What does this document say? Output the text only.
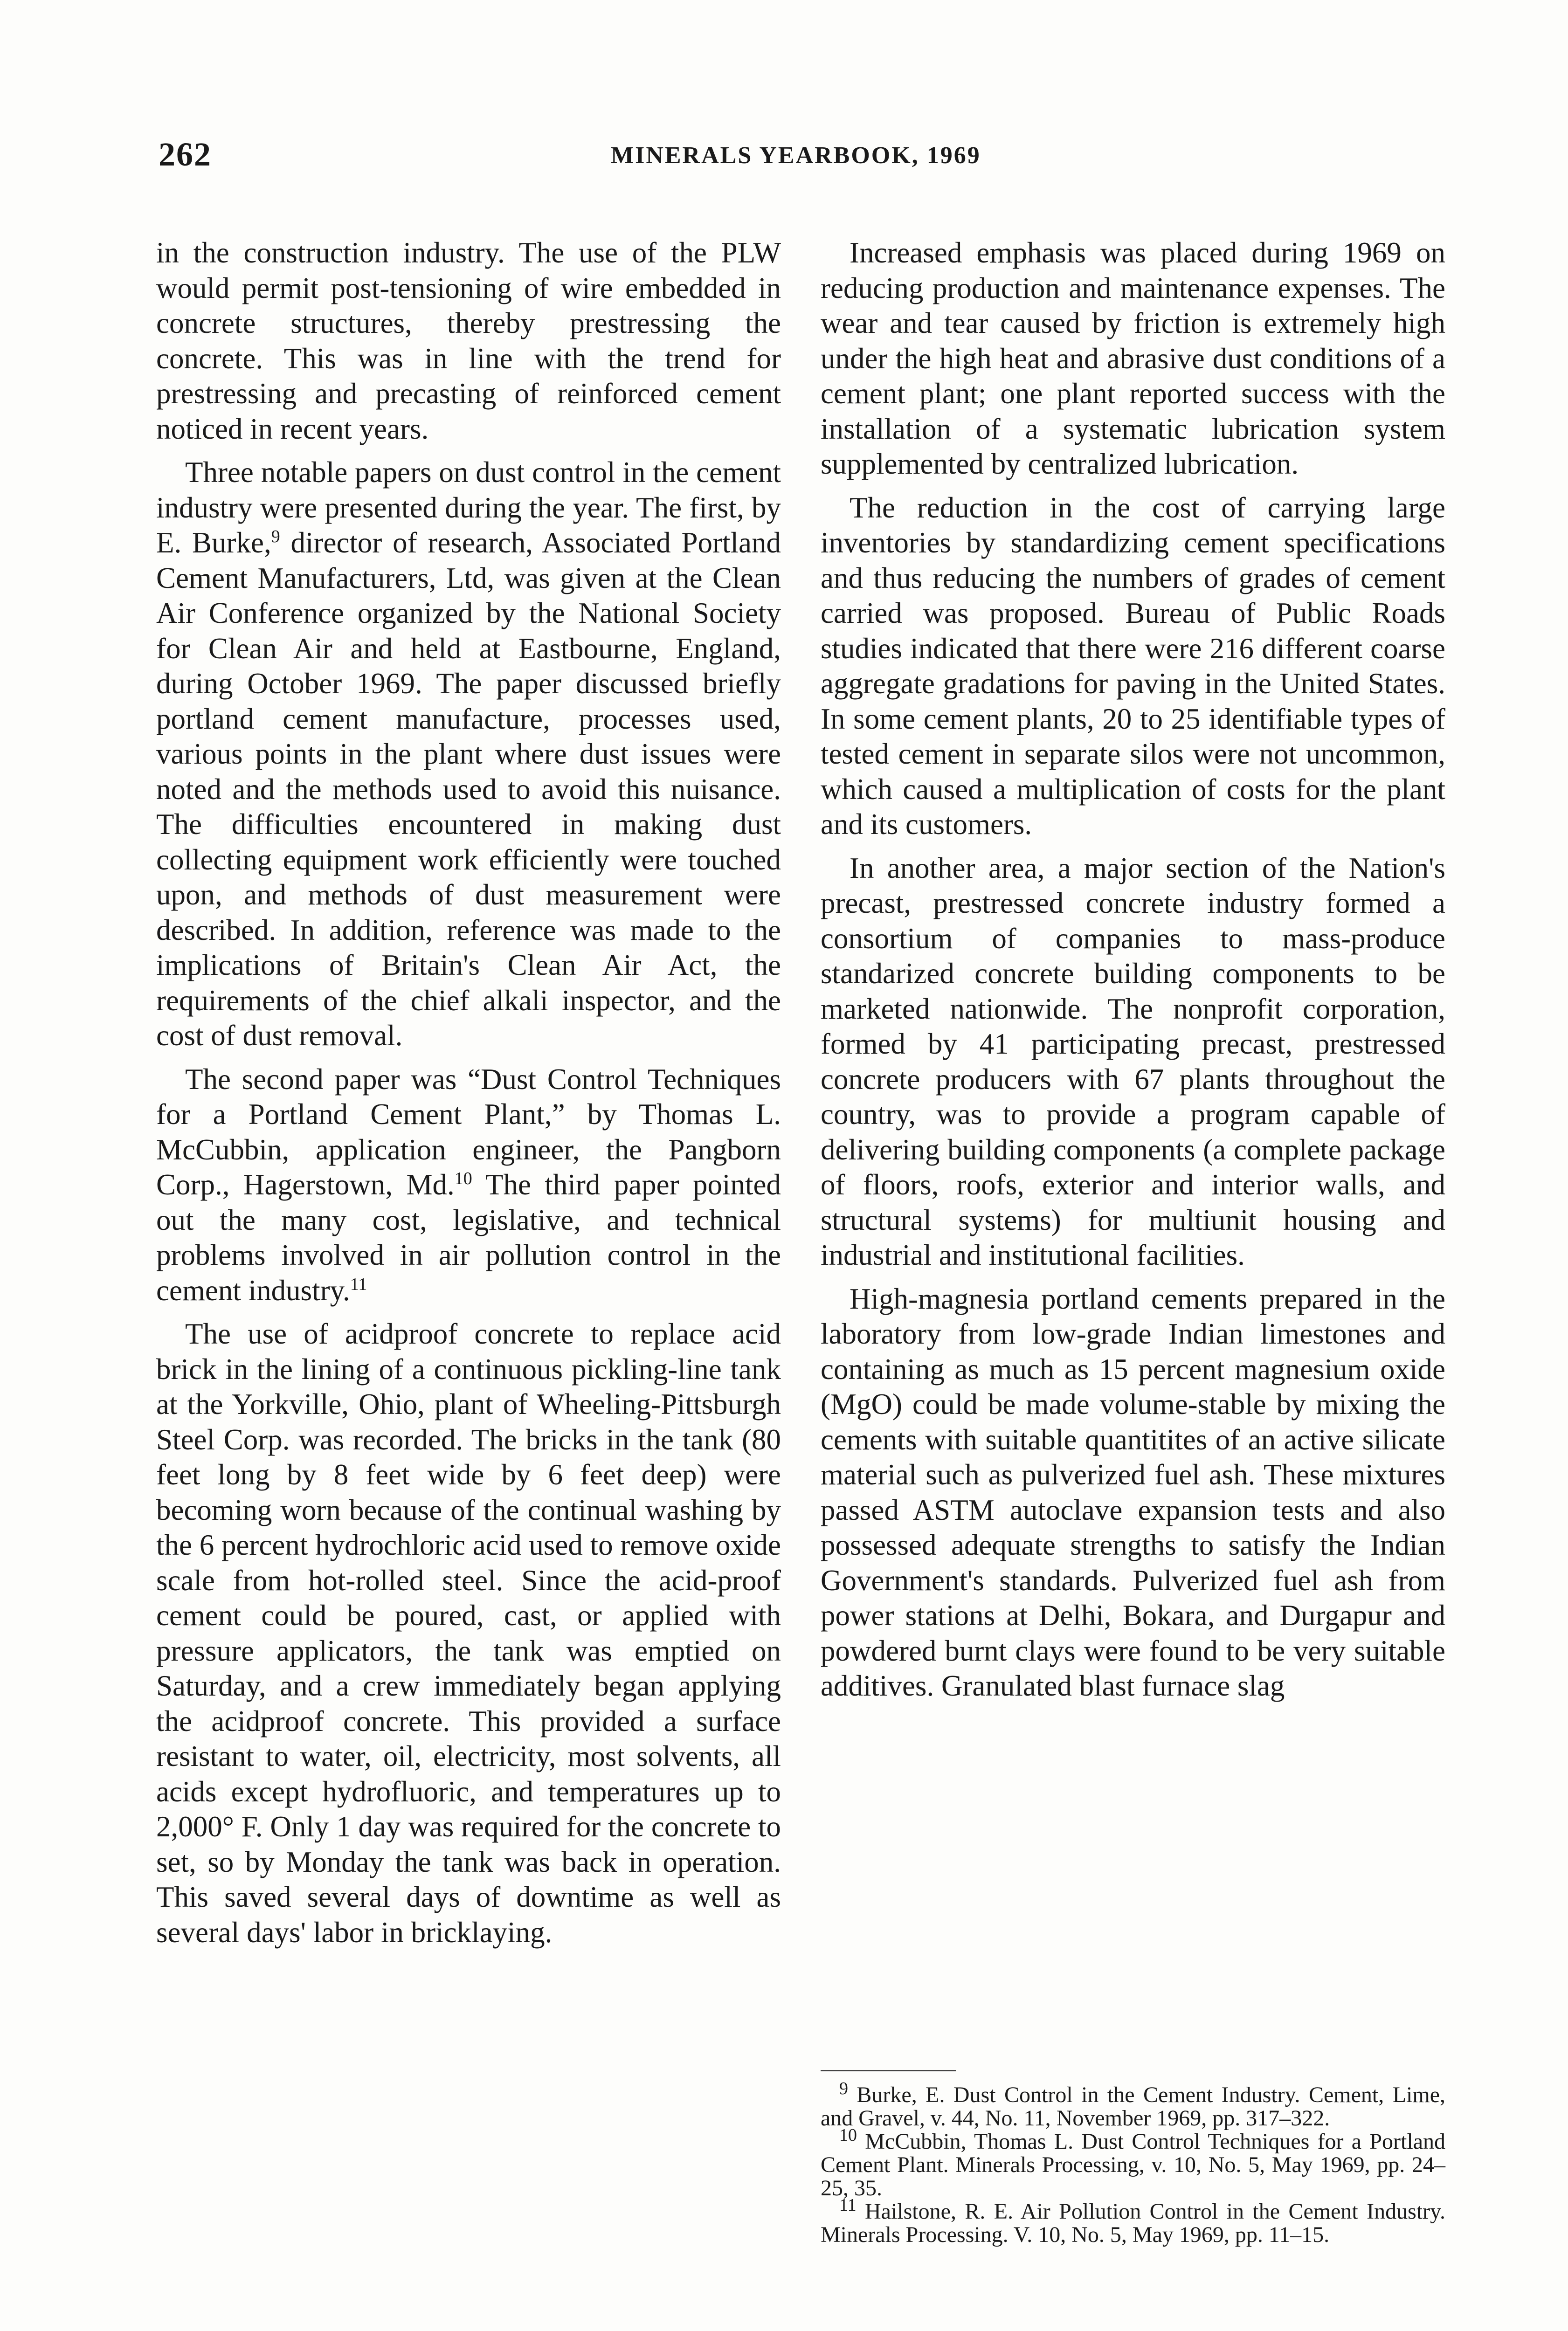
262	MINERALS YEARBOOK, 1969

in the construction industry. The use of the PLW would permit post-tensioning of wire embedded in concrete structures, thereby prestressing the concrete. This was in line with the trend for prestressing and precasting of reinforced cement noticed in recent years.

Three notable papers on dust control in the cement industry were presented during the year. The first, by E. Burke,$^9$ director of research, Associated Portland Cement Manufacturers, Ltd, was given at the Clean Air Conference organized by the National Society for Clean Air and held at Eastbourne, England, during October 1969. The paper discussed briefly portland cement manufacture, processes used, various points in the plant where dust issues were noted and the methods used to avoid this nuisance. The difficulties encountered in making dust collecting equipment work efficiently were touched upon, and methods of dust measurement were described. In addition, reference was made to the implications of Britain's Clean Air Act, the requirements of the chief alkali inspector, and the cost of dust removal.

The second paper was “Dust Control Techniques for a Portland Cement Plant,” by Thomas L. McCubbin, application engineer, the Pangborn Corp., Hagerstown, Md.$^{10}$ The third paper pointed out the many cost, legislative, and technical problems involved in air pollution control in the cement industry.$^{11}$

The use of acidproof concrete to replace acid brick in the lining of a continuous pickling-line tank at the Yorkville, Ohio, plant of Wheeling-Pittsburgh Steel Corp. was recorded. The bricks in the tank (80 feet long by 8 feet wide by 6 feet deep) were becoming worn because of the continual washing by the 6 percent hydrochloric acid used to remove oxide scale from hot-rolled steel. Since the acid-proof cement could be poured, cast, or applied with pressure applicators, the tank was emptied on Saturday, and a crew immediately began applying the acidproof concrete. This provided a surface resistant to water, oil, electricity, most solvents, all acids except hydrofluoric, and temperatures up to 2,000° F. Only 1 day was required for the concrete to set, so by Monday the tank was back in operation. This saved several days of downtime as well as several days' labor in bricklaying.

Increased emphasis was placed during 1969 on reducing production and maintenance expenses. The wear and tear caused by friction is extremely high under the high heat and abrasive dust conditions of a cement plant; one plant reported success with the installation of a systematic lubrication system supplemented by centralized lubrication.

The reduction in the cost of carrying large inventories by standardizing cement specifications and thus reducing the numbers of grades of cement carried was proposed. Bureau of Public Roads studies indicated that there were 216 different coarse aggregate gradations for paving in the United States. In some cement plants, 20 to 25 identifiable types of tested cement in separate silos were not uncommon, which caused a multiplication of costs for the plant and its customers.

In another area, a major section of the Nation's precast, prestressed concrete industry formed a consortium of companies to mass-produce standarized concrete building components to be marketed nationwide. The nonprofit corporation, formed by 41 participating precast, prestressed concrete producers with 67 plants throughout the country, was to provide a program capable of delivering building components (a complete package of floors, roofs, exterior and interior walls, and structural systems) for multiunit housing and industrial and institutional facilities.

High-magnesia portland cements prepared in the laboratory from low-grade Indian limestones and containing as much as 15 percent magnesium oxide (MgO) could be made volume-stable by mixing the cements with suitable quantitites of an active silicate material such as pulverized fuel ash. These mixtures passed ASTM autoclave expansion tests and also possessed adequate strengths to satisfy the Indian Government's standards. Pulverized fuel ash from power stations at Delhi, Bokara, and Durgapur and powdered burnt clays were found to be very suitable additives. Granulated blast furnace slag

$^9$ Burke, E. Dust Control in the Cement Industry. Cement, Lime, and Gravel, v. 44, No. 11, November 1969, pp. 317–322.

$^{10}$ McCubbin, Thomas L. Dust Control Techniques for a Portland Cement Plant. Minerals Processing, v. 10, No. 5, May 1969, pp. 24–25, 35.

$^{11}$ Hailstone, R. E. Air Pollution Control in the Cement Industry. Minerals Processing. V. 10, No. 5, May 1969, pp. 11–15.
